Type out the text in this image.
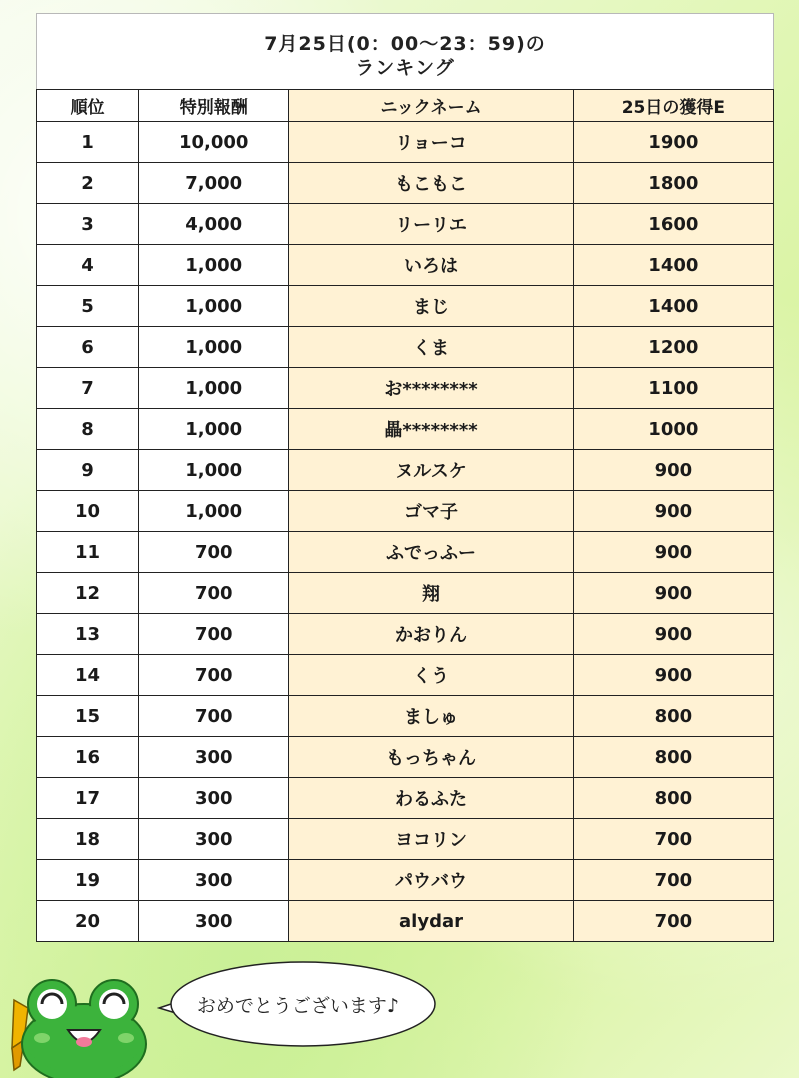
7月25日(0：00～23：59)の
ランキング
順位	特別報酬	ニックネーム	25日の獲得E
1	10,000	リョーコ	1900
2	7,000	もこもこ	1800
3	4,000	リーリエ	1600
4	1,000	いろは	1400
5	1,000	まじ	1400
6	1,000	くま	1200
7	1,000	お********	1100
8	1,000	畾********	1000
9	1,000	ヌルスケ	900
10	1,000	ゴマ子	900
11	700	ふでっふー	900
12	700	翔	900
13	700	かおりん	900
14	700	くう	900
15	700	ましゅ	800
16	300	もっちゃん	800
17	300	わるふた	800
18	300	ヨコリン	700
19	300	パウバウ	700
20	300	alydar	700
おめでとうございます♪
